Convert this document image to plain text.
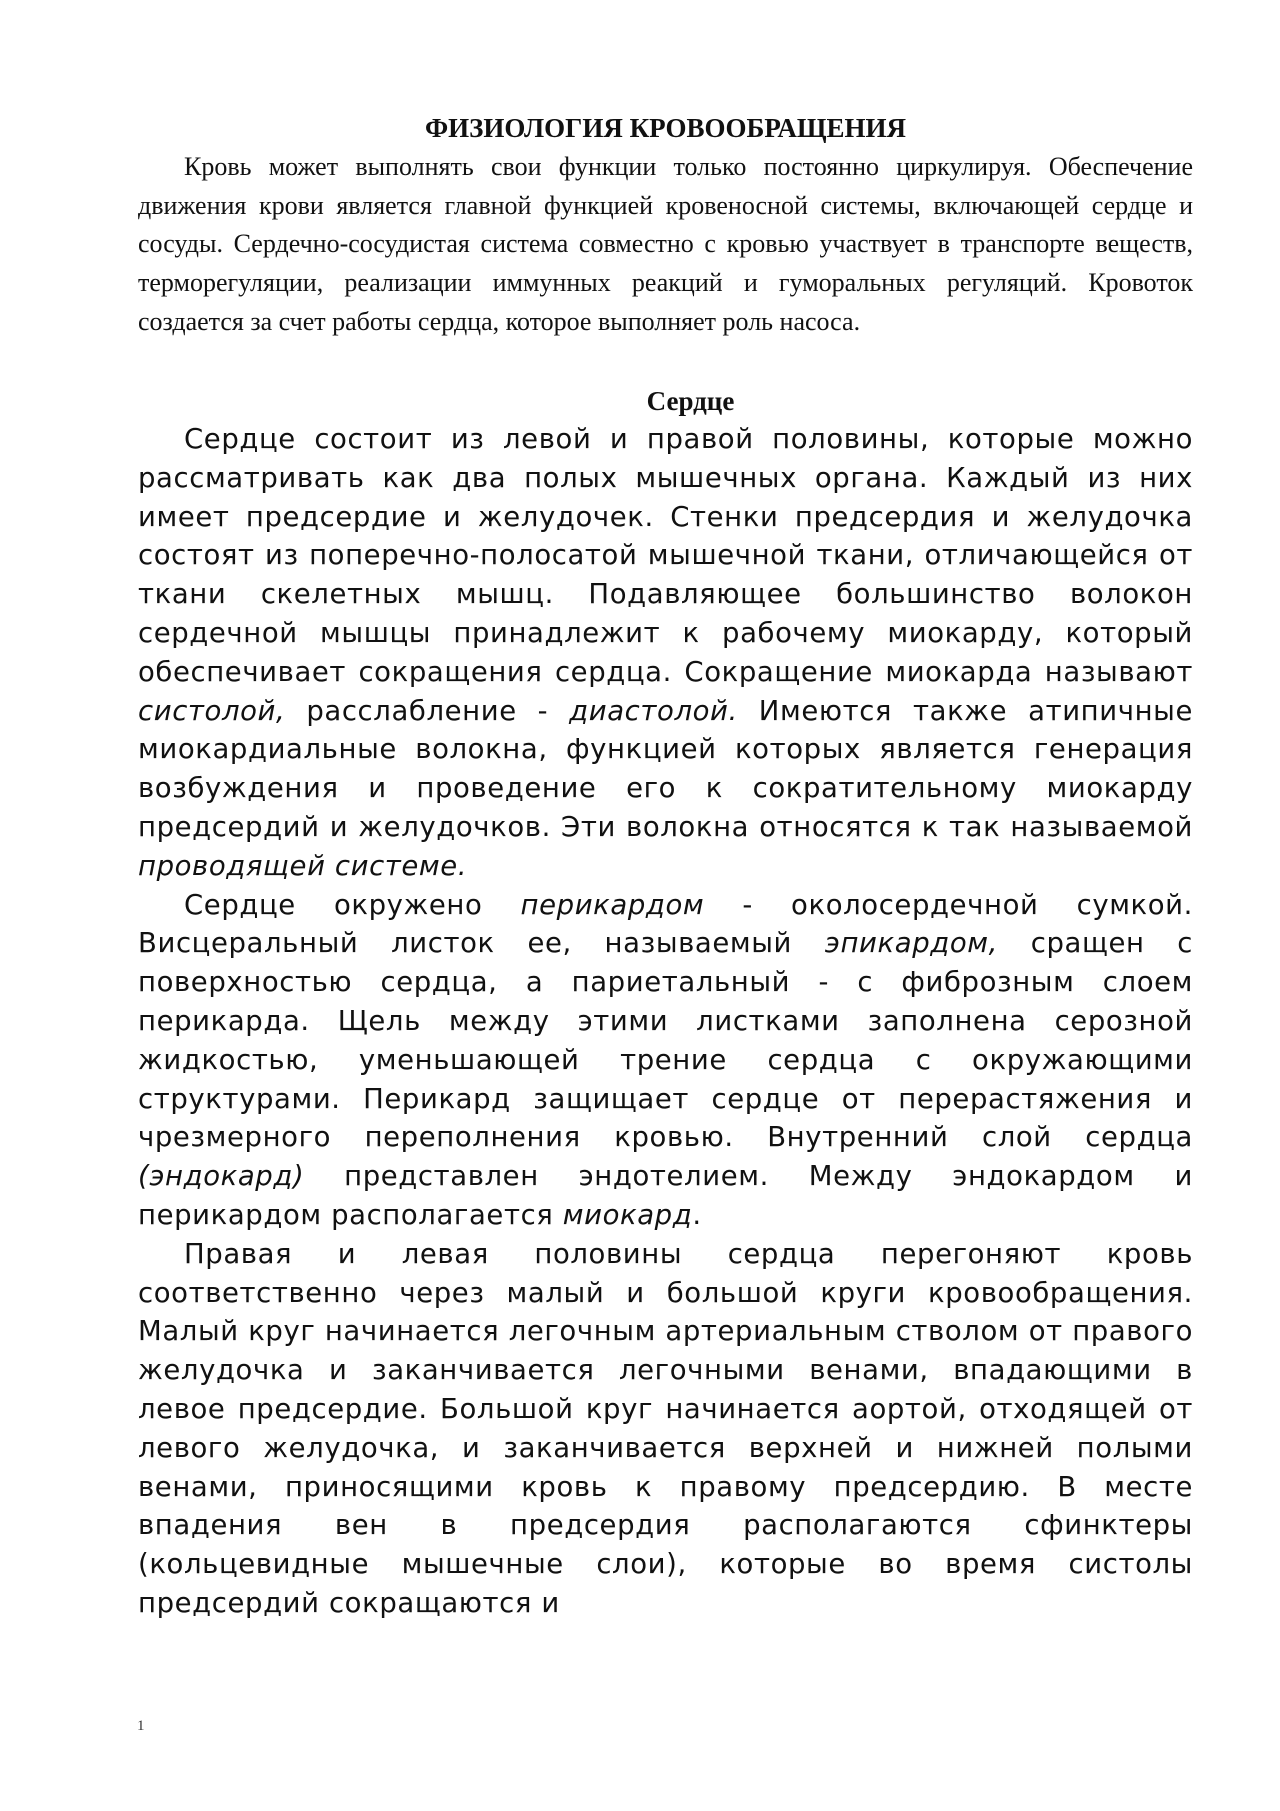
ФИЗИОЛОГИЯ КРОВООБРАЩЕНИЯ

Кровь может выполнять свои функции только постоянно циркулируя. Обеспечение движения крови является главной функцией кровеносной системы, включающей сердце и сосуды. Сердечно-сосудистая система совместно с кровью участвует в транспорте веществ, терморегуляции, реализации иммунных реакций и гуморальных регуляций. Кровоток создается за счет работы сердца, которое выполняет роль насоса.

Сердце

Сердце состоит из левой и правой половины, которые можно рассматривать как два полых мышечных органа. Каждый из них имеет предсердие и желудочек. Стенки предсердия и желудочка состоят из поперечно-полосатой мышечной ткани, отличающейся от ткани скелетных мышц. Подавляющее большинство волокон сердечной мышцы принадлежит к рабочему миокарду, который обеспечивает сокращения сердца. Сокращение миокарда называют систолой, расслабление - диастолой. Имеются также атипичные миокардиальные волокна, функцией которых является генерация возбуждения и проведение его к сократительному миокарду предсердий и желудочков. Эти волокна относятся к так называемой проводящей системе.

Сердце окружено перикардом - околосердечной сумкой. Висцеральный листок ее, называемый эпикардом, сращен с поверхностью сердца, а париетальный - с фиброзным слоем перикарда. Щель между этими листками заполнена серозной жидкостью, уменьшающей трение сердца с окружающими структурами. Перикард защищает сердце от перерастяжения и чрезмерного переполнения кровью. Внутренний слой сердца (эндокард) представлен эндотелием. Между эндокардом и перикардом располагается миокард.

Правая и левая половины сердца перегоняют кровь соответственно через малый и большой круги кровообращения. Малый круг начинается легочным артериальным стволом от правого желудочка и заканчивается легочными венами, впадающими в левое предсердие. Большой круг начинается аортой, отходящей от левого желудочка, и заканчивается верхней и нижней полыми венами, приносящими кровь к правому предсердию. В месте впадения вен в предсердия располагаются сфинктеры (кольцевидные мышечные слои), которые во время систолы предсердий сокращаются и

1
